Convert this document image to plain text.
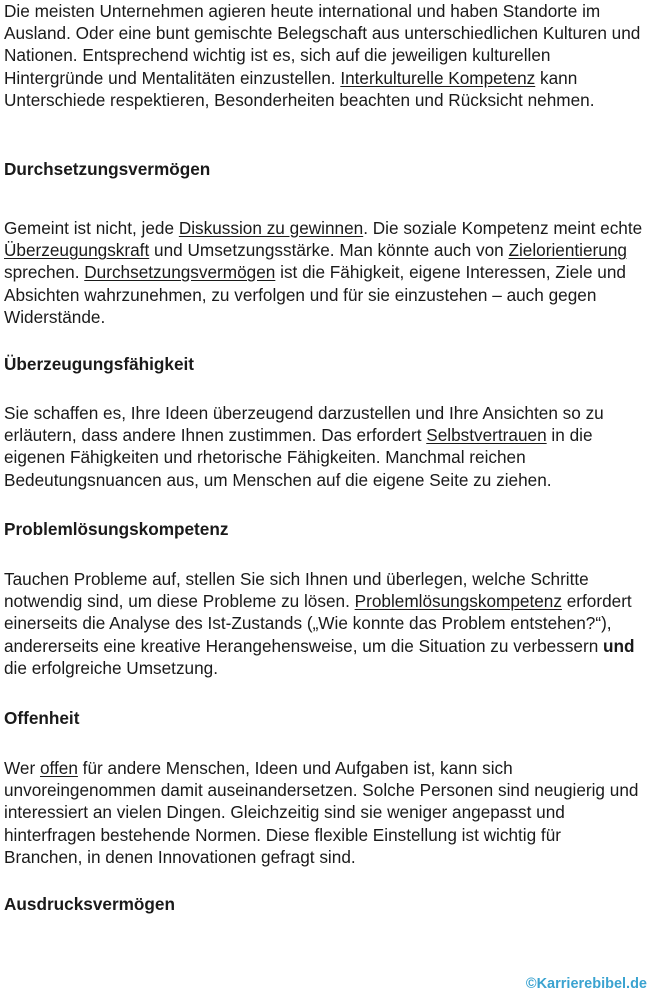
Die meisten Unternehmen agieren heute international und haben Standorte im Ausland. Oder eine bunt gemischte Belegschaft aus unterschiedlichen Kulturen und Nationen. Entsprechend wichtig ist es, sich auf die jeweiligen kulturellen Hintergründe und Mentalitäten einzustellen. Interkulturelle Kompetenz kann Unterschiede respektieren, Besonderheiten beachten und Rücksicht nehmen.

Durchsetzungsvermögen

Gemeint ist nicht, jede Diskussion zu gewinnen. Die soziale Kompetenz meint echte Überzeugungskraft und Umsetzungsstärke. Man könnte auch von Zielorientierung sprechen. Durchsetzungsvermögen ist die Fähigkeit, eigene Interessen, Ziele und Absichten wahrzunehmen, zu verfolgen und für sie einzustehen – auch gegen Widerstände.

Überzeugungsfähigkeit

Sie schaffen es, Ihre Ideen überzeugend darzustellen und Ihre Ansichten so zu erläutern, dass andere Ihnen zustimmen. Das erfordert Selbstvertrauen in die eigenen Fähigkeiten und rhetorische Fähigkeiten. Manchmal reichen Bedeutungsnuancen aus, um Menschen auf die eigene Seite zu ziehen.

Problemlösungskompetenz

Tauchen Probleme auf, stellen Sie sich Ihnen und überlegen, welche Schritte notwendig sind, um diese Probleme zu lösen. Problemlösungskompetenz erfordert einerseits die Analyse des Ist-Zustands („Wie konnte das Problem entstehen?“), andererseits eine kreative Herangehensweise, um die Situation zu verbessern und die erfolgreiche Umsetzung.

Offenheit

Wer offen für andere Menschen, Ideen und Aufgaben ist, kann sich unvoreingenommen damit auseinandersetzen. Solche Personen sind neugierig und interessiert an vielen Dingen. Gleichzeitig sind sie weniger angepasst und hinterfragen bestehende Normen. Diese flexible Einstellung ist wichtig für Branchen, in denen Innovationen gefragt sind.

Ausdrucksvermögen
©Karrierebibel.de
